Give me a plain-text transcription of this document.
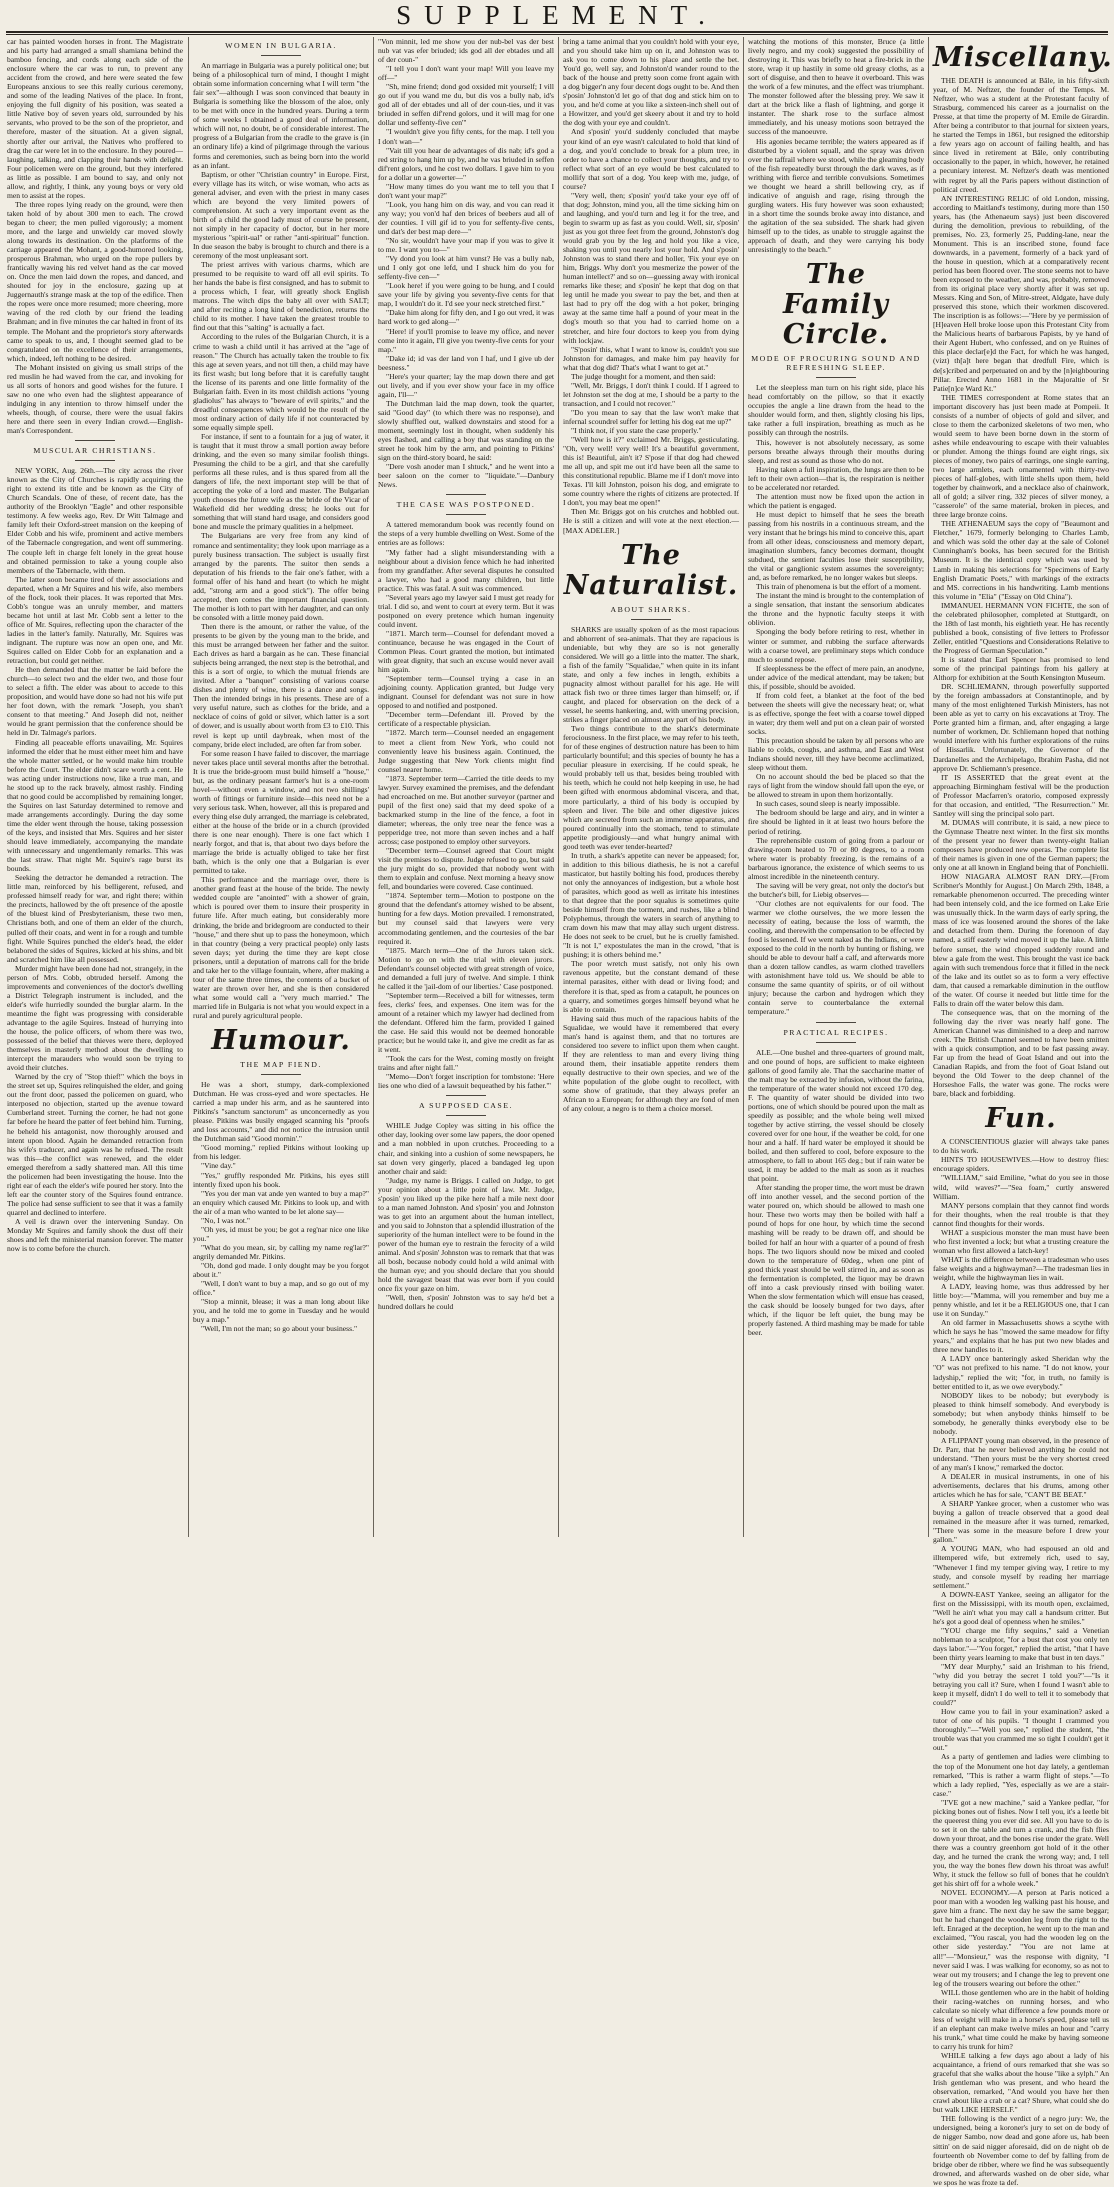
SUPPLEMENT.

car has painted wooden horses in front. The Magistrate and his party had arranged a small shamiana behind the bamboo fencing, and cords along each side of the enclosure where the car was to run, to prevent any accident from the crowd, and here were seated the few Europeans anxious to see this really curious ceremony, and some of the leading Natives of the place. In front, enjoying the full dignity of his position, was seated a little Native boy of seven years old, surrounded by his servants, who proved to be the son of the proprietor, and therefore, master of the situation. At a given signal, shortly after our arrival, the Natives who proffered to drag the car were let in to the enclosure. In they poured—laughing, talking, and clapping their hands with delight. Four policemen were on the ground, but they interfered as little as possible. I am bound to say, and only not allow, and rightly, I think, any young boys or very old men to assist at the ropes.

The three ropes lying ready on the ground, were then taken hold of by about 300 men to each. The crowd began to cheer; the men pulled vigorously; a moment more, and the large and unwieldy car moved slowly along towards its destination. On the platforms of the carriage appeared the Mohant, a good-humored looking, prosperous Brahman, who urged on the rope pullers by frantically waving his red velvet hand as the car moved on. Once the men laid down the ropes, and danced, and shouted for joy in the enclosure, gazing up at Juggernauth's strange mask at the top of the edifice. Then the ropes were once more resumed; more cheering, more waving of the red cloth by our friend the leading Brahman; and in five minutes the car halted in front of its temple. The Mohant and the proprietor's story afterwards came to speak to us, and, I thought seemed glad to be congratulated on the excellence of their arrangements, which, indeed, left nothing to be desired.

The Mohant insisted on giving us small strips of the red muslin he had waved from the car, and invoking for us all sorts of honors and good wishes for the future. I saw no one who even had the slightest appearance of indulging in any intention to throw himself under the wheels, though, of course, there were the usual fakirs here and there seen in every Indian crowd.—English-man's Correspondent.

MUSCULAR CHRISTIANS.

NEW YORK, Aug. 26th.—The city across the river known as the City of Churches is rapidly acquiring the right to extend its title and be known as the City of Church Scandals. One of these, of recent date, has the authority of the Brooklyn "Eagle" and other responsible testimony. A few weeks ago, Rev. Dr Witt Talmage and family left their Oxford-street mansion on the keeping of Elder Cobb and his wife, prominent and active members of the Tabernacle congregation, and went off summering. The couple left in charge felt lonely in the great house and obtained permission to take a young couple also members of the Tabernacle, with them.

The latter soon became tired of their associations and departed, when a Mr Squires and his wife, also members of the flock, took their places. It was reported that Mrs. Cobb's tongue was an unruly member, and matters became hot until at last Mr. Cobb sent a letter to the office of Mr. Squires, reflecting upon the character of the ladies in the latter's family. Naturally, Mr. Squires was indignant. The rupture was now an open one, and Mr. Squires called on Elder Cobb for an explanation and a retraction, but could get neither.

He then demanded that the matter be laid before the church—to select two and the elder two, and those four to select a fifth. The elder was about to accede to this proposition, and would have done so had not his wife put her foot down, with the remark "Joseph, you shan't consent to that meeting." And Joseph did not, neither would he grant permission that the conference should be held in Dr. Talmage's parlors.

Finding all peaceable efforts unavailing, Mr. Squires informed the elder that he must either meet him and have the whole matter settled, or he would make him trouble before the Court. The elder didn't scare worth a cent. He was acting under instructions now, like a true man, and he stood up to the rack bravely, almost rashly. Finding that no good could be accomplished by remaining longer, the Squires on last Saturday determined to remove and made arrangements accordingly. During the day some time the elder went through the house, taking possession of the keys, and insisted that Mrs. Squires and her sister should leave immediately, accompanying the mandate with unnecessary and ungentlemanly remarks. This was the last straw. That night Mr. Squire's rage burst its bounds.

Seeking the detractor he demanded a retraction. The little man, reinforced by his belligerent, refused, and professed himself ready for war, and right there; within the precincts, hallowed by the oft presence of the apostle of the bluest kind of Presbyterianism, these two men, Christians both, and one of them an elder of the church, pulled off their coats, and went in for a rough and tumble fight. While Squires punched the elder's head, the elder belabored the sides of Squires, kicked at his shins, and bit and scratched him like all possessed.

Murder might have been done had not, strangely, in the person of Mrs. Cobb, obtruded herself. Among the improvements and conveniences of the doctor's dwelling a District Telegraph instrument is included, and the elder's wife hurriedly sounded the burglar alarm. In the meantime the fight was progressing with considerable advantage to the agile Squires. Instead of hurrying into the house, the police officers, of whom there was two, possessed of the belief that thieves were there, deployed themselves in masterly method about the dwelling to intercept the marauders who would soon be trying to avoid their clutches.

Warned by the cry of "Stop thief!" which the boys in the street set up, Squires relinquished the elder, and going out the front door, passed the policemen on guard, who interposed no objection, started up the avenue toward Cumberland street. Turning the corner, he had not gone far before he heard the patter of feet behind him. Turning, he beheld his antagonist, now thoroughly aroused and intent upon blood. Again he demanded retraction from his wife's traducer, and again was he refused. The result was this—the conflict was renewed, and the elder emerged therefrom a sadly shattered man. All this time the policemen had been investigating the house. Into the right ear of each the elder's wife poured her story. Into the left ear the counter story of the Squires found entrance. The police had sense sufficient to see that it was a family quarrel and declined to interfere.

A veil is drawn over the intervening Sunday. On Monday Mr Squires and family shook the dust off their shoes and left the ministerial mansion forever. The matter now is to come before the church.

WOMEN IN BULGARIA.

An marriage in Bulgaria was a purely political one; but being of a philosophical turn of mind, I thought I might obtain some information concerning what I will term "the fair sex"—although I was soon convinced that beauty in Bulgaria is something like the blossom of the aloe, only to be met with once in the hundred years. During a term of some weeks I obtained a good deal of information, which will not, no doubt, be of considerable interest. The progress of a Bulgarian from the cradle to the grave is (in an ordinary life) a kind of pilgrimage through the various forms and ceremonies, such as being born into the world as an infant.

Baptism, or other "Christian country" in Europe. First, every village has its witch, or wise woman, who acts as general adviser, and even with the priest in many cases which are beyond the very limited powers of comprehension. At such a very important event as the birth of a child the good lady must of course be present, not simply in her capacity of doctor, but in her more mysterious "spirit-ual" or rather "anti-spiritual" function. In due season the baby is brought to church and there is a ceremony of the most unpleasant sort.

The priest arrives with various charms, which are presumed to be requisite to ward off all evil spirits. To her hands the babe is first consigned, and has to submit to a process which, I fear, will greatly shock English matrons. The witch dips the baby all over with SALT; and after reciting a long kind of benediction, returns the child to its mother. I have taken the greatest trouble to find out that this "salting" is actually a fact.

According to the rules of the Bulgarian Church, it is a crime to wash a child until it has arrived at the "age of reason." The Church has actually taken the trouble to fix this age at seven years, and not till then, a child may have its first wash; but long before that it is carefully taught the license of its parents and one little formality of the Bulgarian faith. Even in its most childish actions "young gladiolus" has always to "beware of evil spirits," and the dreadful consequences which would be the result of the most ordinary action of daily life if not counteracted by some equally simple spell.

For instance, if sent to a fountain for a jug of water, it is taught that it must throw a small portion away before drinking, and the even so many similar foolish things. Presuming the child to be a girl, and that she carefully performs all these rules, and is thus spared from all the dangers of life, the next important step will be that of accepting the yoke of a lord and master. The Bulgarian youth chooses the future wife as the bride of the Vicar of Wakefield did her wedding dress; he looks out for something that will stand hard usage, and considers good bone and muscle the primary qualities in a helpmeet.

The Bulgarians are very free from any kind of romance and sentimentality; they look upon marriage as a purely business transaction. The subject is usually first arranged by the parents. The suitor then sends a deputation of his friends to the fair one's father, with a formal offer of his hand and heart (to which he might add, "strong arm and a good stick"). The offer being accepted, then comes the important financial question. The mother is loth to part with her daughter, and can only be consoled with a little money paid down.

Then there is the amount, or rather the value, of the presents to be given by the young man to the bride, and this must be arranged between her father and the suitor. Each drives as hard a bargain as he can. These financial subjects being arranged, the next step is the betrothal, and this is a sort of orgie, to which the mutual friends are invited. After a "banquet" consisting of various coarse dishes and plenty of wine, there is a dance and songs. Then the intended brings in his presents. These are of a very useful nature, such as clothes for the bride, and a necklace of coins of gold or silver, which latter is a sort of dower, and is usually about worth from £3 to £10. This revel is kept up until daybreak, when most of the company, bride elect included, are often far from sober.

For some reason I have failed to discover, the marriage never takes place until several months after the betrothal. It is true the bride-groom must build himself a "house," but, as the ordinary peasant farmer's hut is a one-room hovel—without even a window, and not two shillings' worth of fittings or furniture inside—this need not be a very serious task. When, however, all this is prepared and every thing else duly arranged, the marriage is celebrated, either at the house of the bride or in a church (provided there is one near enough). There is one fact which I nearly forgot, and that is, that about two days before the marriage the bride is actually obliged to take her first bath, which is the only one that a Bulgarian is ever permitted to take.

This performance and the marriage over, there is another grand feast at the house of the bride. The newly wedded couple are "anointed" with a shower of grain, which is poured over them to insure their prosperity in future life. After much eating, but considerably more drinking, the bride and bridegroom are conducted to their "house," and there shut up to pass the honeymoon, which in that country (being a very practical people) only lasts seven days; yet during the time they are kept close prisoners, until a deputation of matrons call for the bride and take her to the village fountain, where, after making a tour of the same three times, the contents of a bucket of water are thrown over her, and she is then considered what some would call a "very much married." The married life in Bulgaria is not what you would expect in a rural and purely agricultural people.

Humour.
THE MAP FIEND.

He was a short, stumpy, dark-complexioned Dutchman. He was cross-eyed and wore spectacles. He carried a map under his arm, and as he sauntered into Pitkins's "sanctum sanctorum" as unconcernedly as you please. Pitkins was busily engaged scanning his "proofs and loss accounts," and did not notice the intrusion until the Dutchman said "Good mornin'."

"Good morning," replied Pitkins without looking up from his ledger.

"Vine day."

"Yes," gruffly responded Mr. Pitkins, his eyes still intently fixed upon his book.

"Yes you der man vat ande yen wanted to buy a map?" an enquiry which caused Mr. Pitkins to look up, and with the air of a man who wanted to be let alone say—

"No, I was not."

"Oh yes, id must be you; be got a reg'nar nice one like you."

"What do you mean, sir, by calling my name reg'lar?" angrily demanded Mr. Pitkins.

"Oh, dond god made. I only dought may be you forgot about it."

"Well, I don't want to buy a map, and so go out of my office."

"Stop a minnit, blease; it was a man long about like you, and he told me to gome in Tuesday and he would buy a map."

"Well, I'm not the man; so go about your business."

"Von minnit, led me show you der nub-bel vas der best nub vat vas efer briuded; ids god all der ebtades und all of der coun-"

"I tell you I don't want your map! Will you leave my off—"

"Sh, mine friend; dond god oxsided mit yourself; I vill go out if you wand me du, but dis vos a bully nab, id's god all of der ebtades und all of der coun-ties, und it vas briuded in seffen dif'rend golors, und it will mag for one dollar und seffenty-five cen'"

"I wouldn't give you fifty cents, for the map. I tell you I don't wan—"

"Vait till you hear de advantages of dis nab; id's god a red string to hang him up by, and he vas briuded in seffen dif'rent golors, und he cost two dollars. I gave him to you for a dollar un a gowerter—"

"How many times do you want me to tell you that I don't want your map?"

"Look, you hang him on dis way, and vou can read it any way; you von'd haf den brices of beebers aud all of der counties. I vill gif id to you for seffenty-five cents, und dat's der best map dere—"

"No sir, wouldn't have your map if you was to give it to me. I want you to—"

"Vy dond you look at him vunst? He vas a bully nab, und I only got one lefd, und I shuck him do you for seffenty-five cen—"

"Look here! if you were going to be hung, and I could save your life by giving you seventy-five cents for that map, I wouldn't do it. I'd see your neck stretched first."

"Dake him along for fifty den, and I go out vred, it was hard work to ged along—"

"Here! if you'll promise to leave my office, and never come into it again, I'll give you twenty-five cents for your map."

"Dake id; id vas der land von I haf, und I give ub der beesness."

"Here's your quarter; lay the map down there and get out lively, and if you ever show your face in my office again, I'll—"

The Dutchman laid the map down, took the quarter, said "Good day" (to which there was no response), and slowly shuffled out, walked downstairs and stood for a moment, seemingly lost in thought, when suddenly his eyes flashed, and calling a boy that was standing on the street he took him by the arm, and pointing to Pitkins' sign on the third-story board, he said:

"Dere vosh anoder man I shtuck," and he went into a beer saloon on the corner to "liquidate."—Danbury News.

THE CASE WAS POSTPONED.

A tattered memorandum book was recently found on the steps of a very humble dwelling on West. Some of the entries are as follows:

"My father had a slight misunderstanding with a neighbour about a division fence which he had inherited from my grandfather. After several disputes he consulted a lawyer, who had a good many children, but little practice. This was fatal. A suit was commenced.

"Several years ago my lawyer said I must get ready for trial. I did so, and went to court at every term. But it was postponed on every pretence which human ingenuity could invent.

"1871. March term—Counsel for defendant moved a continuance, because he was engaged in the Court of Common Pleas. Court granted the motion, but intimated with great dignity, that such an excuse would never avail him again.

"September term—Counsel trying a case in an adjoining county. Application granted, but Judge very indignant. Counsel for defendant was not sure in how opposed to and notified and postponed.

"December term—Defendant ill. Proved by the certificate of a respectable physician.

"1872. March term—Counsel needed an engagement to meet a client from New York, who could not conveniently leave his business again. Continued, the Judge suggesting that New York clients might find counsel nearer home.

"1873. September term—Carried the title deeds to my lawyer. Survey examined the premises, and the defendant had encroached on me. But another surveyor (partner and pupil of the first one) said that my deed spoke of a backmarked stump in the line of the fence, a foot in diameter; whereas, the only tree near the fence was a pepperidge tree, not more than seven inches and a half across; case postponed to employ other surveyors.

"December term—Counsel agreed that Court might visit the premises to dispute. Judge refused to go, but said the jury might do so, provided that nobody went with them to explain and confuse. Next morning a heavy snow fell, and boundaries were covered. Case continued.

"1874. September term—Motion to postpone on the ground that the defendant's attorney wished to be absent, hunting for a few days. Motion prevailed. I remonstrated, but my counsel said that lawyers were very accommodating gentlemen, and the courtesies of the bar required it.

"1875. March term—One of the Jurors taken sick. Motion to go on with the trial with eleven jurors. Defendant's counsel objected with great strength of voice, and demanded a full jury of twelve. And simple. I think he called it the 'jail-dom of our liberties.' Case postponed.

"September term—Received a bill for witnesses, term fees, clerks' fees, and expenses. One item was for the amount of a retainer which my lawyer had declined from the defendant. Offered him the farm, provided I gained the case. He said this would not be deemed honorable practice; but he would take it, and give me credit as far as it went.

"Took the cars for the West, coming mostly on freight trains and after night fall."

"Memo—Don't forget inscription for tombstone: 'Here lies one who died of a lawsuit bequeathed by his father.'"

A SUPPOSED CASE.

WHILE Judge Copley was sitting in his office the other day, looking over some law papers, the door opened and a man nobbled in upon crutches. Proceeding to a chair, and sinking into a cushion of some newspapers, he sat down very gingerly, placed a bandaged leg upon another chair and said:

"Judge, my name is Briggs. I called on Judge, to get your opinion about a little point of law. Mr. Judge, s'posin' you liked up the pike here half a mile next door to a man named Johnston. And s'posin' you and Johnston was to get into an argument about the human intellect, and you said to Johnston that a splendid illustration of the superiority of the human intellect were to be found in the power of the human eye to restrain the ferocity of a wild animal. And s'posin' Johnston was to remark that that was all bosh, because nobody could hold a wild animal with the human eye; and you should declare that you should hold the savagest beast that was ever born if you could once fix your gaze on him.

"Well, then, s'posin' Johnston was to say he'd bet a hundred dollars he could

bring a tame animal that you couldn't hold with your eye, and you should take him up on it, and Johnston was to ask you to come down to his place and settle the bet. You'd go, well say, and Johnston'd wander round to the back of the house and pretty soon come front again with a dog bigger'n any four decent dogs ought to be. And then s'posin' Johnston'd let go of that dog and stick him on to you, and he'd come at you like a sixteen-inch shell out of a Howitzer, and you'd get skeery about it and try to hold the dog with your eye and couldn't.

And s'posin' you'd suddenly concluded that maybe your kind of an eye wasn't calculated to hold that kind of a dog, and you'd conclude to break for a plum tree, in order to have a chance to collect your thoughts, and try to reflect what sort of an eye would be best calculated to mollify that sort of a dog. You keep with me, judge, of course?

"Very well, then; s'posin' you'd take your eye off of that dog; Johnston, mind you, all the time sicking him on and laughing, and you'd turn and leg it for the tree, and begin to swarm up as fast as you could. Well, sir, s'posin' just as you got three feet from the ground, Johnston's dog would grab you by the leg and hold you like a vice, shaking you until you nearly lost your hold. And s'posin' Johnston was to stand there and holler, 'Fix your eye on him, Briggs. Why don't you mesmerize the power of the human intellect?' and so on—guessing away with ironical remarks like these; and s'posin' he kept that dog on that leg until he made you swear to pay the bet, and then at last had to pry off the dog with a hot poker, bringing away at the same time half a pound of your meat in the dog's mouth so that you had to carried home on a stretcher, and hire four doctors to keep you from dying with lockjaw.

"S'posin' this, what I want to know is, couldn't you sue Johnston for damages, and make him pay heavily for what that dog did? That's what I want to get at."

The judge thought for a moment, and then said:

"Well, Mr. Briggs, I don't think I could. If I agreed to let Johnston set the dog at me, I should be a party to the transaction, and I could not recover."

"Do you mean to say that the law won't make that infernal scoundrel suffer for letting his dog eat me up?"

"I think not, if you state the case properly."

"Well how is it?" exclaimed Mr. Briggs, gesticulating. "Oh, very well! very well! It's a beautiful government, this is! Beautiful, ain't it? S'pose if that dog had chewed me all up, and spit me out it'd have been all the same to this constitutional republic. Blame me if I don't move into Texas. I'll kill Johnston, poison his dog, and emigrate to some country where the rights of citizens are protected. If I don't, you may beat me open!"

Then Mr. Briggs got on his crutches and hobbled out. He is still a citizen and will vote at the next election.—[MAX ADELER.]

The Naturalist.
ABOUT SHARKS.

SHARKS are usually spoken of as the most rapacious and abhorrent of sea-animals. That they are rapacious is undeniable, but why they are so is not generally considered. We will go a little into the matter. The shark, a fish of the family "Squalidae," when quite in its infant state, and only a few inches in length, exhibits a pugnacity almost without parallel for his age. He will attack fish two or three times larger than himself; or, if caught, and placed for observation on the deck of a vessel, he seems hankering, and, with unerring precision, strikes a finger placed on almost any part of his body.

Two things contribute to the shark's determinate ferociousness. In the first place, we may refer to his teeth, for of these engines of destruction nature has been to him particularly bountiful; and this species of bounty he has a peculiar pleasure in exercising. If he could speak, he would probably tell us that, besides being troubled with his teeth, which he could not help keeping in use, he had been gifted with enormous abdominal viscera, and that, more particularly, a third of his body is occupied by spleen and liver. The bile and other digestive juices which are secreted from such an immense apparatus, and poured continually into the stomach, tend to stimulate appetite prodigiously—and what hungry animal with good teeth was ever tender-hearted?

In truth, a shark's appetite can never be appeased; for, in addition to this bilious diathesis, he is not a careful masticator, but hastily bolting his food, produces thereby not only the annoyances of indigestion, but a whole host of parasites, which good as well as irritate his intestines to that degree that the poor squalus is sometimes quite beside himself from the torment, and rushes, like a blind Polyphemus, through the waters in search of anything to cram down his maw that may allay such urgent distress. He does not seek to be cruel, but he is cruelly famished. "It is not I," expostulates the man in the crowd, "that is pushing; it is others behind me."

The poor wretch must satisfy, not only his own ravenous appetite, but the constant demand of these internal parasites, either with dead or living food; and therefore it is that, sped as from a catapult, he pounces on a quarry, and sometimes gorges himself beyond what he is able to contain.

Having said thus much of the rapacious habits of the Squalidae, we would have it remembered that every man's hand is against them, and that no tortures are considered too severe to inflict upon them when caught. If they are relentless to man and every living thing around them, their insatiable appetite renders them equally destructive to their own species, and we of the white population of the globe ought to recollect, with some show of gratitude, that they always prefer an African to a European; for although they are fond of men of any colour, a negro is to them a choice morsel.

watching the motions of this monster, Bruce (a little lively negro, and my cook) suggested the possibility of destroying it. This was briefly to heat a fire-brick in the store, wrap it up hastily in some old greasy cloths, as a sort of disguise, and then to heave it overboard. This was the work of a few minutes, and the effect was triumphant. The monster followed after the blessing prey. We saw it dart at the brick like a flash of lightning, and gorge it instanter. The shark rose to the surface almost immediately, and his uneasy motions soon betrayed the success of the manoeuvre.

His agonies became terrible; the waters appeared as if disturbed by a violent squall, and the spray was driven over the taffrail where we stood, while the gleaming body of the fish repeatedly burst through the dark waves, as if writhing with fierce and terrible convulsions. Sometimes we thought we heard a shrill bellowing cry, as if indicative of anguish and rage, rising through the gurgling waters. His fury however was soon exhausted; in a short time the sounds broke away into distance, and the agitation of the sea subsided. The shark had given himself up to the tides, as unable to struggle against the approach of death, and they were carrying his body unresistingly to the beach."

The Family Circle.
MODE OF PROCURING SOUND AND REFRESHING SLEEP.

Let the sleepless man turn on his right side, place his head comfortably on the pillow, so that it exactly occupies the angle a line drawn from the head to the shoulder would form, and then, slightly closing his lips, take rather a full inspiration, breathing as much as he possibly can through the nostrils.

This, however is not absolutely necessary, as some persons breathe always through their mouths during sleep, and rest as sound as those who do not.

Having taken a full inspiration, the lungs are then to be left to their own action—that is, the respiration is neither to be accelerated nor retarded.

The attention must now be fixed upon the action in which the patient is engaged.

He must depict to himself that he sees the breath passing from his nostrils in a continuous stream, and the very instant that he brings his mind to conceive this, apart from all other ideas, consciousness and memory depart, imagination slumbers, fancy becomes dormant, thought subdued, the sentient faculties lose their susceptibility, the vital or ganglionic system assumes the sovereignty; and, as before remarked, he no longer wakes but sleeps.

This train of phenomena is but the effort of a moment.

The instant the mind is brought to the contemplation of a single sensation, that instant the sensorium abdicates the throne and the hypnotic faculty steeps it with oblivion.

Sponging the body before retiring to rest, whether in winter or summer, and rubbing the surface afterwards with a coarse towel, are preliminary steps which conduce much to sound repose.

If sleeplessness be the effect of mere pain, an anodyne, under advice of the medical attendant, may be taken; but this, if possible, should be avoided.

If from cold feet, a blanket at the foot of the bed between the sheets will give the necessary heat; or, what is as effective, sponge the feet with a coarse towel dipped in water; dry them well and put on a clean pair of worsted socks.

This precaution should be taken by all persons who are liable to colds, coughs, and asthma, and East and West Indians should never, till they have become acclimatized, sleep without them.

On no account should the bed be placed so that the rays of light from the window should fall upon the eye, or be allowed to stream in upon them horizontally.

In such cases, sound sleep is nearly impossible.

The bedroom should be large and airy, and in winter a fire should be lighted in it at least two hours before the period of retiring.

The reprehensible custom of going from a parlour or drawing-room heated to 70 or 80 degrees, to a room where water is probably freezing, is the remains of a barbarous ignorance, the existence of which seems to us almost incredible in the nineteenth century.

The saving will be very great, not only the doctor's but the butcher's bill, for Liebig observes—

"Our clothes are not equivalents for our food. The warmer we clothe ourselves, the we more lessen the necessity of eating, because the loss of warmth, the cooling, and therewith the compensation to be effected by food is lessened. If we went naked as the Indians, or were exposed to the cold in the north by hunting or fishing, we should be able to devour half a calf, and afterwards more than a dozen tallow candles, as warm clothed travellers with astonishment have told us. We should be able to consume the same quantity of spirits, or of oil without injury; because the carbon and hydrogen which they contain serve to counterbalance the external temperature."

PRACTICAL RECIPES.

ALE.—One bushel and three-quarters of ground malt, and one pound of hops, are sufficient to make eighteen gallons of good family ale. That the saccharine matter of the malt may be extracted by infusion, without the farina, the temperature of the water should not exceed 170 deg. F. The quantity of water should be divided into two portions, one of which should be poured upon the malt as speedily as possible; and the whole being well mixed together by active stirring, the vessel should be closely covered over for one hour, if the weather be cold, for one hour and a half. If hard water be employed it should be boiled, and then suffered to cool, before exposure to the atmosphere, to fall to about 165 deg.; but if rain water be used, it may be added to the malt as soon as it reaches that point.

After standing the proper time, the wort must be drawn off into another vessel, and the second portion of the water poured on, which should be allowed to mash one hour. These two worts may then be boiled with half a pound of hops for one hour, by which time the second mashing will be ready to be drawn off, and should be boiled for half an hour with a quarter of a pound of fresh hops. The two liquors should now be mixed and cooled down to the temperature of 60deg., when one pint of good thick yeast should be well stirred in, and as soon as the fermentation is completed, the liquor may be drawn off into a cask previously rinsed with boiling water. When the slow fermentation which will ensue has ceased, the cask should be loosely bunged for two days, after which, if the liquor be left quiet, the bung may be properly fastened. A third mashing may be made for table beer.

Miscellany.

THE DEATH is announced at Bâle, in his fifty-sixth year, of M. Neftzer, the founder of the Temps. M. Neftzer, who was a student at the Protestant faculty of Strasburg, commenced his career as a journalist on the Presse, at that time the property of M. Emile de Girardin. After being a contributor to that journal for sixteen years, he started the Temps in 1861, but resigned the editorship a few years ago on account of failing health, and has since lived in retirement at Bâle, only contributing occasionally to the paper, in which, however, he retained a pecuniary interest. M. Neftzer's death was mentioned with regret by all the Paris papers without distinction of political creed.

AN INTERESTING RELIC of old London, missing, according to Maitland's testimony, during more than 150 years, has (the Athenaeum says) just been discovered during the demolition, previous to rebuilding, of the premises, No. 23, formerly 25, Pudding-lane, near the Monument. This is an inscribed stone, found face downwards, in a pavement, formerly of a back yard of the house in question, which at a comparatively recent period has been floored over. The stone seems not to have been exposed to the weather, and was, probably, removed from its original place very shortly after it was set up. Messrs. King and Son, of Mitre-street, Aldgate, have duly preserved this stone, which their workmen discovered. The inscription is as follows:—"Here by ye permission of [H]eaven Hell broke loose upon this Protestant City from the Malicious hearts of barbarous Papists, by ye hand of their Agent Hubert, who confessed, and on ye Ruines of this place declar[e]d the Fact, for which he was hanged, (vizt) th[a]t here began that dredfull Fire, which is de[s]cribed and perpetuated on and by the [n]eighbouring Pillar. Erected Anno 1681 in the Majoraltie of Sr Patie[n]ce Ward Kt."

THE TIMES correspondent at Rome states that an important discovery has just been made at Pompeii. It consists of a number of objects of gold and silver, and close to them the carbonized skeletons of two men, who would seem to have been borne down in the storm of ashes while endeavouring to escape with their valuables or plunder. Among the things found are eight rings, six pieces of money, two pairs of earrings, one single earring, two large armlets, each ornamented with thirty-two pieces of half-globes, with little shells upon them, held together by chainwork, and a necklace also of chainwork, all of gold; a silver ring, 332 pieces of silver money, a "casserole" of the same material, broken in pieces, and three large bronze coins.

THE ATHENAEUM says the copy of "Beaumont and Fletcher," 1679, formerly belonging to Charles Lamb, and which was sold the other day at the sale of Colonel Cunningham's books, has been secured for the British Museum. It is the identical copy which was used by Lamb in making his selections for "Specimens of Early English Dramatic Poets," with markings of the extracts and MS. corrections in his handwriting. Lamb mentions this volume in "Elia" ("Essay on Old China").

IMMANUEL HERMANN VON FICHTE, the son of the celebrated philosopher, completed at Stuttgardt, on the 18th of last month, his eightieth year. He has recently published a book, consisting of five letters to Professor Zeller, entitled "Questions and Considerations Relative to the Progress of German Speculation."

It is stated that Earl Spencer has promised to lend some of the principal paintings from his gallery at Althorp for exhibition at the South Kensington Museum.

DR. SCHLIEMANN, through powerfully supported by the foreign ambassadors at Constantinople, and by many of the most enlightened Turkish Ministers, has not been able as yet to carry on his excavations at Troy. The Porte granted him a firman, and, after engaging a large number of workmen, Dr. Schliemann hoped that nothing would interfere with his further explorations of the ruins of Hissarlik. Unfortunately, the Governor of the Dardanelles and the Archipelago, Ibrahim Pasha, did not approve Dr. Schliemann's presence.

IT IS ASSERTED that the great event at the approaching Birmingham festival will be the production of Professor Macfarren's oratorio, composed expressly for that occasion, and entitled, "The Resurrection." Mr. Santley will sing the principal solo part.

M. DUMAS will contribute, it is said, a new piece to the Gymnase Theatre next winter. In the first six months of the present year no fewer than twenty-eight Italian composers have produced new operas. The complete list of their names is given in one of the German papers; the only one at all known in England being that of Ponchielli.

HOW NIAGARA ALMOST RAN DRY.—[From Scribner's Monthly for August.] On March 29th, 1848, a remarkable phenomenon occurred. The preceding winter had been intensely cold, and the ice formed on Lake Erie was unusually thick. In the warm days of early spring, the mass of ice was loosened around the shores of the lake and detached from them. During the forenoon of day named, a stiff easterly wind moved it up the lake. A little before sunset, the wind chopped suddenly round and blew a gale from the west. This brought the vast ice back again with such tremendous force that it filled in the neck of the lake and its outlet so as to form a very effective dam, that caused a remarkable diminution in the outflow of the water. Of course it needed but little time for the Falls to drain off the water below this dam.

The consequence was, that on the morning of the following day the river was nearly half gone. The American Channel was diminished to a deep and narrow creek. The British Channel seemed to have been smitten with a quick consumption, and to be fast passing away. Far up from the head of Goat Island and out into the Canadian Rapids, and from the foot of Goat Island out beyond the Old Tower to the deep channel of the Horseshoe Falls, the water was gone. The rocks were bare, black and forbidding.

Fun.

A CONSCIENTIOUS glazier will always take panes to do his work.

HINTS TO HOUSEWIVES.—How to destroy flies: encourage spiders.

"WILLIAM," said Emiline, "what do you see in those wild, wild waves?"—"Sea foam," curtly answered William.

MANY persons complain that they cannot find words for their thoughts, when the real trouble is that they cannot find thoughts for their words.

WHAT a suspicious monster the man must have been who first invented a lock; but what a trusting creature the woman who first allowed a latch-key!

WHAT is the difference between a tradesman who uses false weights and a highwayman?—The tradesman lies in weight, while the highwayman lies in wait.

A LADY, leaving home, was thus addressed by her little boy:—"Mamma, will you remember and buy me a penny whistle, and let it be a RELIGIOUS one, that I can use it on Sunday."

An old farmer in Massachusetts shows a scythe with which he says he has "mowed the same meadow for fifty years," and explains that he has put two new blades and three new handles to it.

A LADY once banteringly asked Sheridan why the "O" was not prefixed to his name. "I do not know, your ladyship," replied the wit; "for, in truth, no family is better entitled to it, as we owe everybody."

NOBODY likes to be nobody; but everybody is pleased to think himself somebody. And everybody is somebody; but when anybody thinks himself to be somebody, he generally thinks everybody else to be nobody.

A FLIPPANT young man observed, in the presence of Dr. Parr, that he never believed anything he could not understand. "Then yours must be the very shortest creed of any man's I know," remarked the doctor.

A DEALER in musical instruments, in one of his advertisements, declares that his drums, among other articles which he has for sale, "CAN'T BE BEAT."

A SHARP Yankee grocer, when a customer who was buying a gallon of treacle observed that a good deal remained in the measure after it was turned, remarked, "There was some in the measure before I drew your gallon."

A YOUNG MAN, who had espoused an old and illtempered wife, but extremely rich, used to say, "Whenever I find my temper giving way, I retire to my study, and console myself by reading her marriage settlement."

A DOWN-EAST Yankee, seeing an alligator for the first on the Mississippi, with its mouth open, exclaimed, "Well he ain't what you may call a handsum critter. But he's got a good deal of openness when he smiles."

"YOU charge me fifty sequins," said a Venetian nobleman to a sculptor, "for a bust that cost you only ten days labor."—"You forget," replied the artist, "that I have been thirty years learning to make that bust in ten days."

"MY dear Murphy," said an Irishman to his friend, "why did you betray the secret I told you?"—"Is it betraying you call it? Sure, when I found I wasn't able to keep it myself, didn't I do well to tell it to somebody that could?"

How came you to fail in your examination? asked a tutor of one of his pupils. "I thought I crammed you thoroughly."—"Well you see," replied the student, "the trouble was that you crammed me so tight I couldn't get it out."

As a party of gentlemen and ladies were climbing to the top of the Monument one hot day lately, a gentleman remarked, "This is rather a warm flight of steps."—To which a lady replied, "Yes, especially as we are a stair-case."

"I'VE got a new machine," said a Yankee pedlar, "for picking bones out of fishes. Now I tell you, it's a leetle bit the queerest thing you ever did see. All you have to do is to set it on the table and turn a crank, and the fish flies down your throat, and the bones rise under the grate. Well there was a country greenhorn got hold of it the other day, and he turned the crank the wrong way; and, I tell you, the way the bones flew down his throat was awful! Why, it stuck the fellow so full of bones that he couldn't get his shirt off for a whole week."

NOVEL ECONOMY.—A person at Paris noticed a poor man with a wooden leg walking past his house, and gave him a franc. The next day he saw the same beggar; but he had changed the wooden leg from the right to the left. Enraged at the deception, he went up to the man and exclaimed, "You rascal, you had the wooden leg on the other side yesterday." "You are not lame at all!"—"Monsieur," was the response with dignity, "I never said I was. I was walking for economy, so as not to wear out my trousers; and I change the leg to prevent one leg of the trousers wearing out before the other."

WILL those gentlemen who are in the habit of holding their racing-watches on running horses, and who calculate so nicely what difference a few pounds more or less of weight will make in a horse's speed, please tell us if an elephant can make twelve miles an hour and "carry his trunk," what time could he make by having someone to carry his trunk for him?

WHILE talking a few days ago about a lady of his acquaintance, a friend of ours remarked that she was so graceful that she walks about the house "like a sylph." An Irish gentleman who was present, and who heard the observation, remarked, "And would you have her then crawl about like a crab or a cat? Shure, what could she do but walk LIKE HERSELF."

THE following is the verdict of a negro jury: We, the undersigned, being a koroner's jury to set on de body of de nigger Sambo, now dead and gone afore us, hab been sittin' on de said nigger aforesaid, did on de night ob de fourteenth ob November come to def by falling from de bridge ober de ribber, where we find he was subsequently drowned, and afterwards washed on de ober side, whar we spos he was froze ta def.
